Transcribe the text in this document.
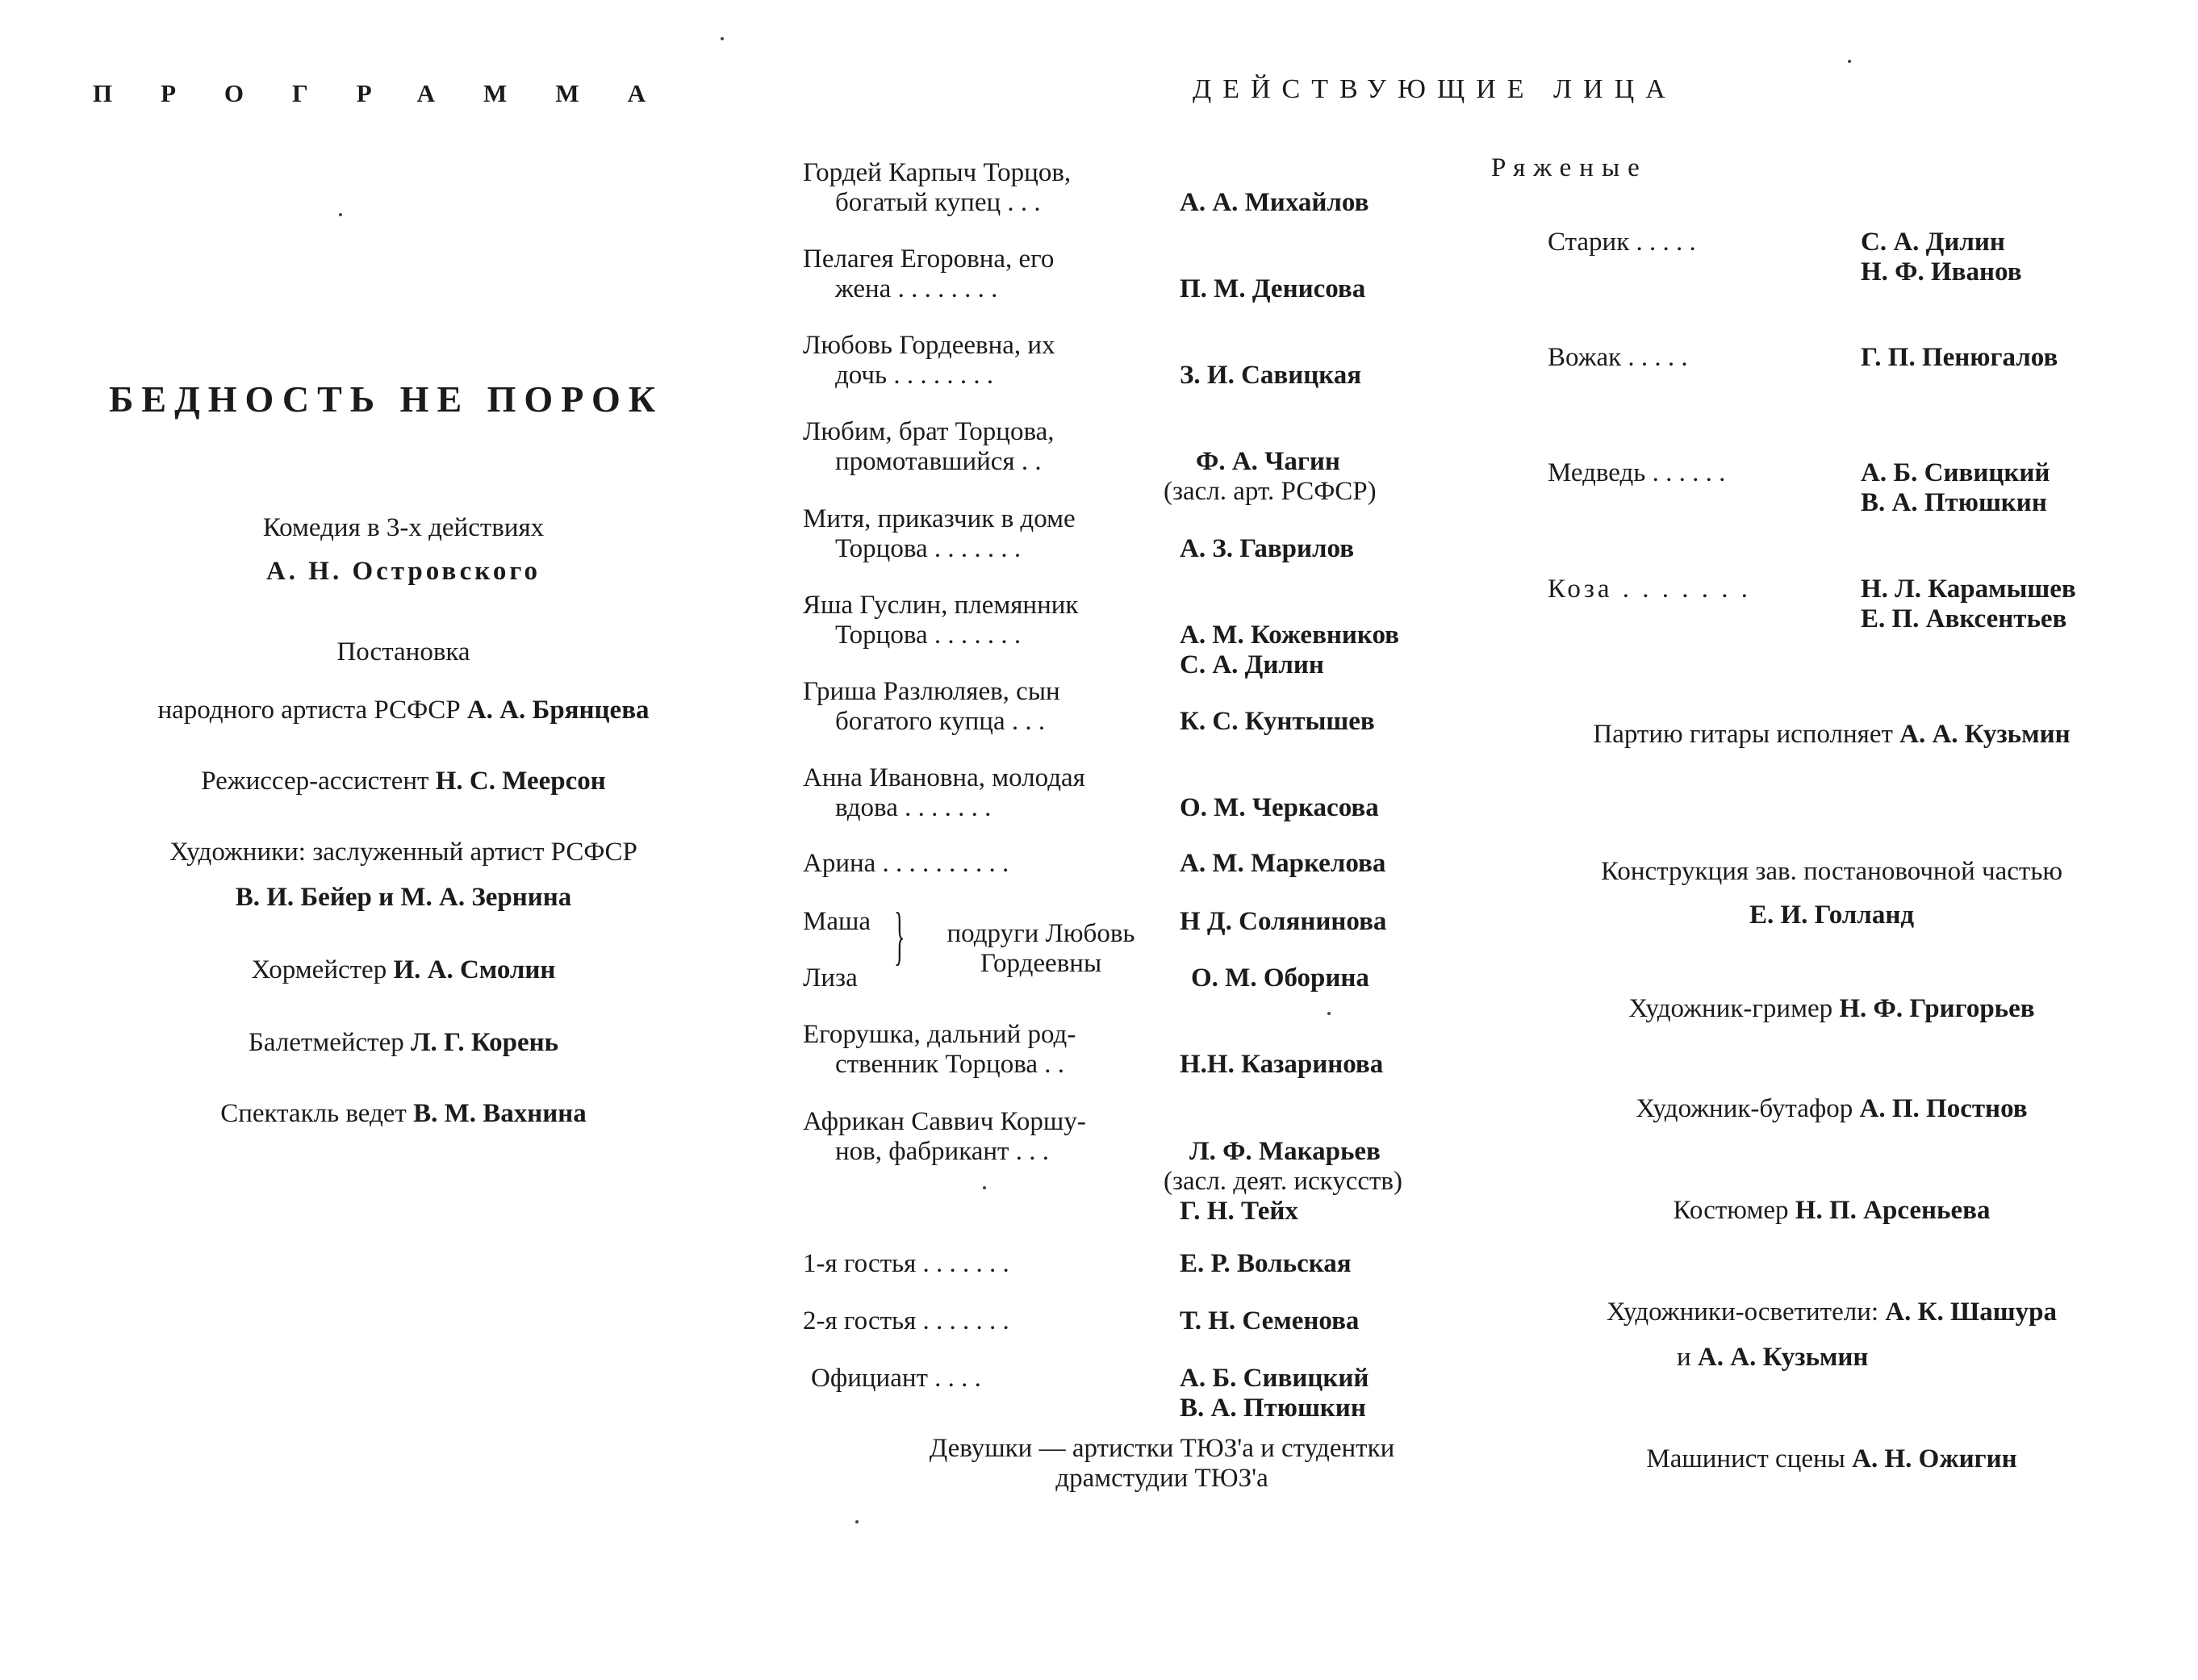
ПРОГРАММА
БЕДНОСТЬ НЕ ПОРОК
Комедия в 3-х действиях
А. Н. Островского
Постановка
народного артиста РСФСР А. А. Брянцева
Режиссер-ассистент Н. С. Меерсон
Художники: заслуженный артист РСФСР
В. И. Бейер и М. А. Зернина
Хормейстер И. А. Смолин
Балетмейстер Л. Г. Корень
Спектакль ведет В. М. Вахнина
ДЕЙСТВУЮЩИЕ ЛИЦА
Гордей Карпыч Торцов,
богатый купец . . .	А. А. Михайлов
Пелагея Егоровна, его
жена . . . . . . . .	П. М. Денисова
Любовь Гордеевна, их
дочь . . . . . . . .	З. И. Савицкая
Любим, брат Торцова,
промотавшийся . .	Ф. А. Чагин
(засл. арт. РСФСР)
Митя, приказчик в доме
Торцова . . . . . . .	А. З. Гаврилов
Яша Гуслин, племянник
Торцова . . . . . . .	А. М. Кожевников
С. А. Дилин
Гриша Разлюляев, сын
богатого купца . . .	К. С. Кунтышев
Анна Ивановна, молодая
вдова . . . . . . .	О. М. Черкасова
Арина . . . . . . . . . .	А. М. Маркелова
Маша
Лиза
}	подруги Любовь
Гордеевны
Н Д. Солянинова
О. М. Оборина
Егорушка, дальний род-
ственник Торцова . .	Н.Н. Казаринова
Африкан Саввич Коршу-
нов, фабрикант . . .	Л. Ф. Макарьев
(засл. деят. искусств)
Г. Н. Тейх
1-я гостья . . . . . . .	Е. Р. Вольская
2-я гостья . . . . . . .	Т. Н. Семенова
Официант . . . .	А. Б. Сивицкий
В. А. Птюшкин
Девушки — артистки ТЮЗ'а и студентки
драмстудии ТЮЗ'а
Ряженые
Старик . . . . .	С. А. Дилин
Н. Ф. Иванов
Вожак . . . . .	Г. П. Пенюгалов
Медведь . . . . . .	А. Б. Сивицкий
В. А. Птюшкин
Коза . . . . . . .	Н. Л. Карамышев
Е. П. Авксентьев
Партию гитары исполняет А. А. Кузьмин
Конструкция зав. постановочной частью
Е. И. Голланд
Художник-гример Н. Ф. Григорьев
Художник-бутафор А. П. Постнов
Костюмер Н. П. Арсеньева
Художники-осветители: А. К. Шашура
и А. А. Кузьмин
Машинист сцены А. Н. Ожигин
